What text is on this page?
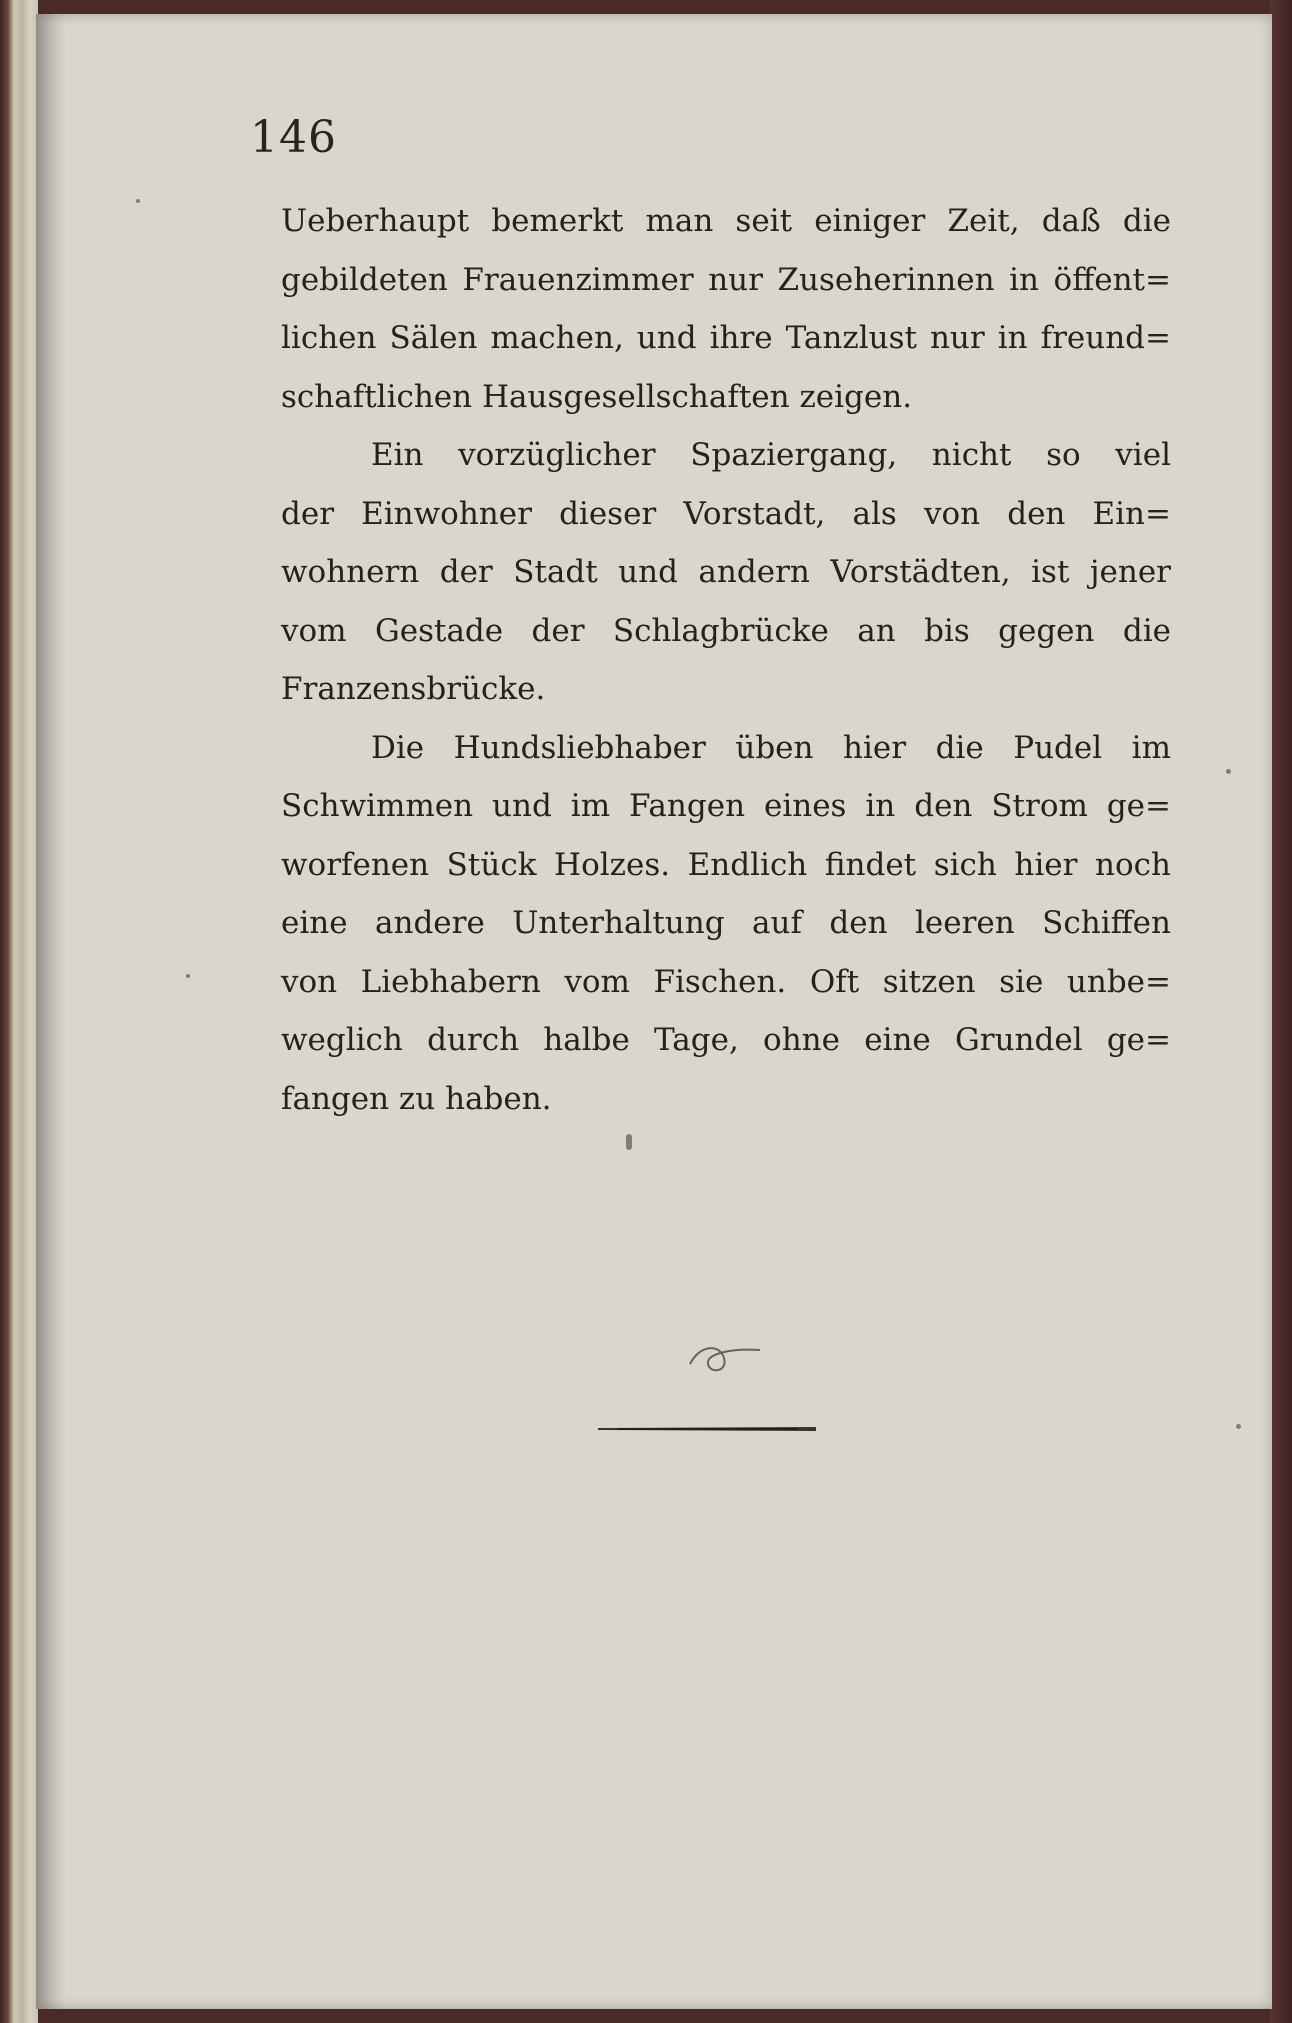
146

Ueberhaupt bemerkt man seit einiger Zeit, daß die
gebildeten Frauenzimmer nur Zuseherinnen in öffent=
lichen Sälen machen, und ihre Tanzlust nur in freund=
schaftlichen Hausgesellschaften zeigen.

Ein vorzüglicher Spaziergang, nicht so viel
der Einwohner dieser Vorstadt, als von den Ein=
wohnern der Stadt und andern Vorstädten, ist jener
vom Gestade der Schlagbrücke an bis gegen die
Franzensbrücke.

Die Hundsliebhaber üben hier die Pudel im
Schwimmen und im Fangen eines in den Strom ge=
worfenen Stück Holzes. Endlich findet sich hier noch
eine andere Unterhaltung auf den leeren Schiffen
von Liebhabern vom Fischen. Oft sitzen sie unbe=
weglich durch halbe Tage, ohne eine Grundel ge=
fangen zu haben.
